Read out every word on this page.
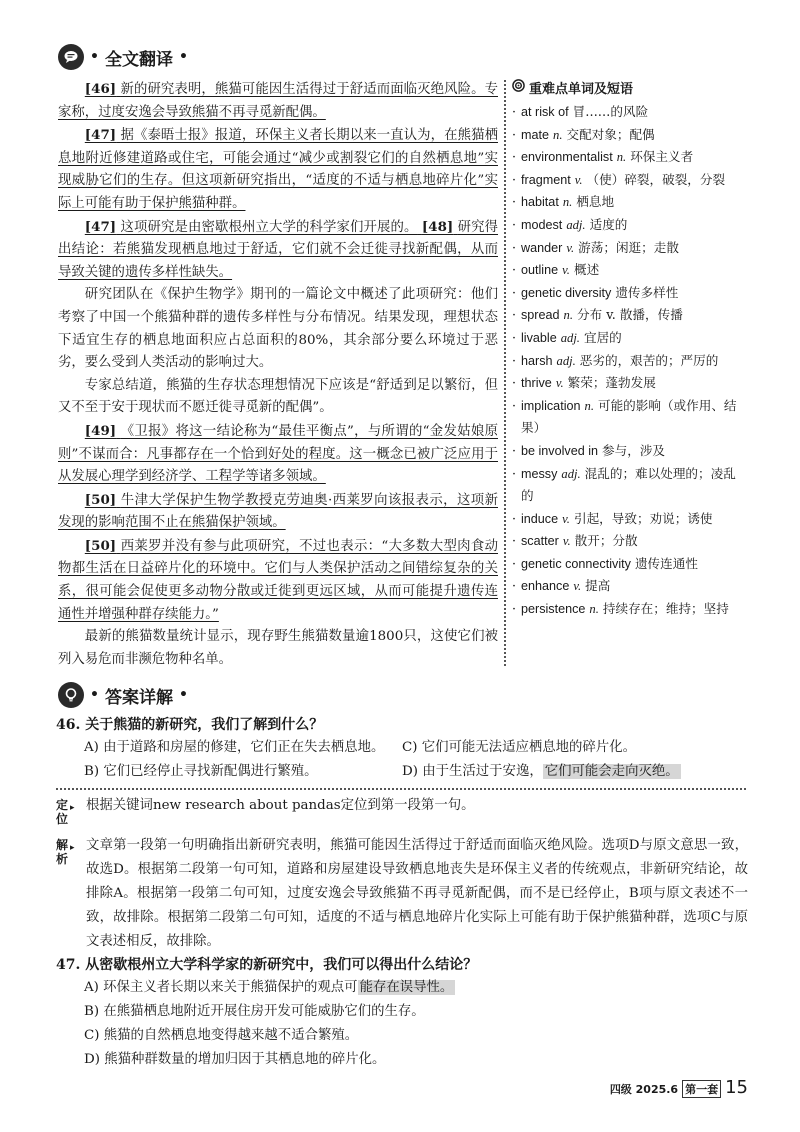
• 全文翻译 •

[46] 新的研究表明，熊猫可能因生活得过于舒适而面临灭绝风险。专家称，过度安逸会导致熊猫不再寻觅新配偶。

[47] 据《泰晤士报》报道，环保主义者长期以来一直认为，在熊猫栖息地附近修建道路或住宅，可能会通过“减少或割裂它们的自然栖息地”实现威胁它们的生存。但这项新研究指出，“适度的不适与栖息地碎片化”实际上可能有助于保护熊猫种群。

[47] 这项研究是由密歇根州立大学的科学家们开展的。 [48] 研究得出结论：若熊猫发现栖息地过于舒适，它们就不会迁徙寻找新配偶，从而导致关键的遗传多样性缺失。

研究团队在《保护生物学》期刊的一篇论文中概述了此项研究：他们考察了中国一个熊猫种群的遗传多样性与分布情况。结果发现，理想状态下适宜生存的栖息地面积应占总面积的80%，其余部分要么环境过于恶劣，要么受到人类活动的影响过大。

专家总结道，熊猫的生存状态理想情况下应该是“舒适到足以繁衍，但又不至于安于现状而不愿迁徙寻觅新的配偶”。

[49] 《卫报》将这一结论称为“最佳平衡点”，与所谓的“金发姑娘原则”不谋而合：凡事都存在一个恰到好处的程度。这一概念已被广泛应用于从发展心理学到经济学、工程学等诸多领域。

[50] 牛津大学保护生物学教授克劳迪奥·西莱罗向该报表示，这项新发现的影响范围不止在熊猫保护领域。

[50] 西莱罗并没有参与此项研究，不过也表示：“大多数大型肉食动物都生活在日益碎片化的环境中。它们与人类保护活动之间错综复杂的关系，很可能会促使更多动物分散或迁徙到更远区域，从而可能提升遗传连通性并增强种群存续能力。”

最新的熊猫数量统计显示，现存野生熊猫数量逾1800只，这使它们被列入易危而非濒危物种名单。

重难点单词及短语
· at risk of 冒……的风险
· mate n. 交配对象；配偶
· environmentalist n. 环保主义者
· fragment v. （使）碎裂，破裂，分裂
· habitat n. 栖息地
· modest adj. 适度的
· wander v. 游荡；闲逛；走散
· outline v. 概述
· genetic diversity 遗传多样性
· spread n. 分布 v. 散播，传播
· livable adj. 宜居的
· harsh adj. 恶劣的，艰苦的；严厉的
· thrive v. 繁荣；蓬勃发展
· implication n. 可能的影响（或作用、结果）
· be involved in 参与，涉及
· messy adj. 混乱的；难以处理的；凌乱的
· induce v. 引起，导致；劝说；诱使
· scatter v. 散开；分散
· genetic connectivity 遗传连通性
· enhance v. 提高
· persistence n. 持续存在；维持；坚持
• 答案详解 •
46. 关于熊猫的新研究，我们了解到什么？
A) 由于道路和房屋的修建，它们正在失去栖息地。	C) 它们可能无法适应栖息地的碎片化。
B) 它们已经停止寻找新配偶进行繁殖。	D) 由于生活过于安逸， 它们可能会走向灭绝。
定位
▸ 根据关键词new research about pandas定位到第一段第一句。
解析
▸ 文章第一段第一句明确指出新研究表明，熊猫可能因生活得过于舒适而面临灭绝风险。选项D与原文意思一致，故选D。根据第二段第一句可知，道路和房屋建设导致栖息地丧失是环保主义者的传统观点，非新研究结论，故排除A。根据第一段第二句可知，过度安逸会导致熊猫不再寻觅新配偶，而不是已经停止，B项与原文表述不一致，故排除。根据第二段第二句可知，适度的不适与栖息地碎片化实际上可能有助于保护熊猫种群，选项C与原文表述相反，故排除。
47. 从密歇根州立大学科学家的新研究中，我们可以得出什么结论？
A) 环保主义者长期以来关于熊猫保护的观点可 能存在误导性。
B) 在熊猫栖息地附近开展住房开发可能威胁它们的生存。
C) 熊猫的自然栖息地变得越来越不适合繁殖。
D) 熊猫种群数量的增加归因于其栖息地的碎片化。
四级 2025.6 第一套 15
